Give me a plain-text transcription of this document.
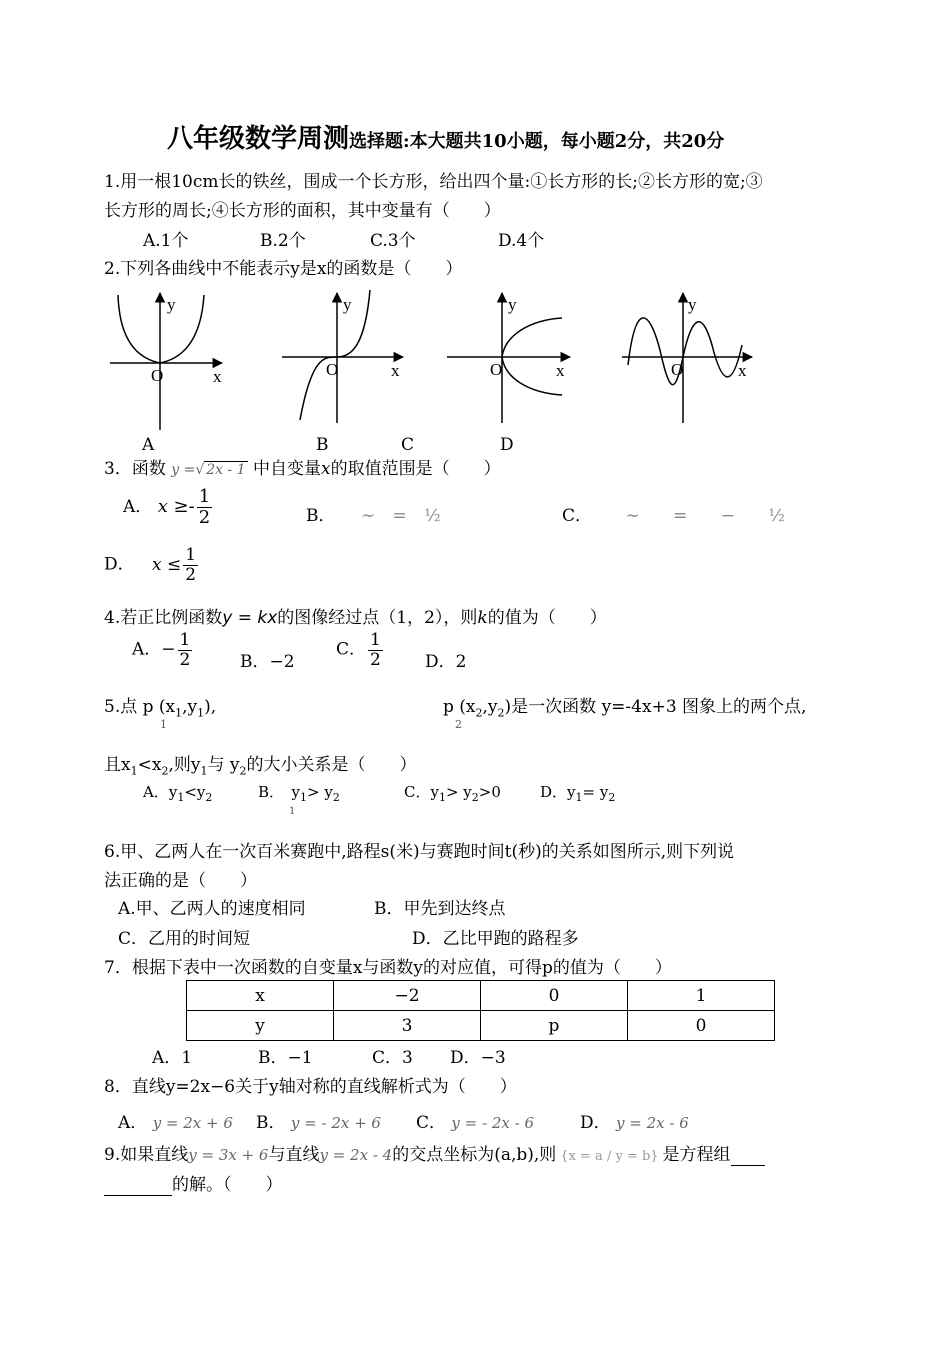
八年级数学周测选择题:本大题共10小题，每小题2分，共20分
1.用一根10cm长的铁丝，围成一个长方形，给出四个量:①长方形的长;②长方形的宽;③
长方形的周长;④长方形的面积，其中变量有（　　）
A.1个	B.2个	C.3个	D.4个
2.下列各曲线中不能表示y是x的函数是（　　）
y
x
O
y
x
O
y
x
O
y
x
O
A	B	C	D
3．函数 y =√ 2x - 1 中自变量x的取值范围是（　　）
A． $x \ge- \frac{1}{2}$	B． ∼ = ½	C． ∼ = − ½
D． $x \le \frac{1}{2}$
4.若正比例函数y = kx的图像经过点（1，2），则k的值为（　　）
A．− $\frac{1}{2}$	B．−2
C． $\frac{1}{2}$ D．2
5.点 p $(x_1,y_1)$,
1
p $(x_2,y_2)$是一次函数 y=-4x+3 图象上的两个点,
2
且$x_1<x_2$,则$y_1$与 $y_2$的大小关系是（　　）
A．$y_1<y_2$	B．　$y_1> y_2$
1
C．$y_1> y_2>0$	D．$y_1= y_2$
6.甲、乙两人在一次百米赛跑中,路程s(米)与赛跑时间t(秒)的关系如图所示,则下列说
法正确的是（　　）
A.甲、乙两人的速度相同	B．甲先到达终点
C．乙用的时间短	D．乙比甲跑的路程多
7．根据下表中一次函数的自变量x与函数y的对应值，可得p的值为（　　）
x	−2	0	1
y	3	p	0
A．1	B．−1	C．3 D．−3
8．直线y=2x−6关于y轴对称的直线解析式为（　　）
A． y = 2x + 6 B． y = - 2x + 6 C． y = - 2x - 6	D． y = 2x - 6
9.如果直线y = 3x + 6与直线y = 2x - 4的交点坐标为(a,b),则 {x = a / y = b} 是方程组　　
　　　　的解。（　　）
